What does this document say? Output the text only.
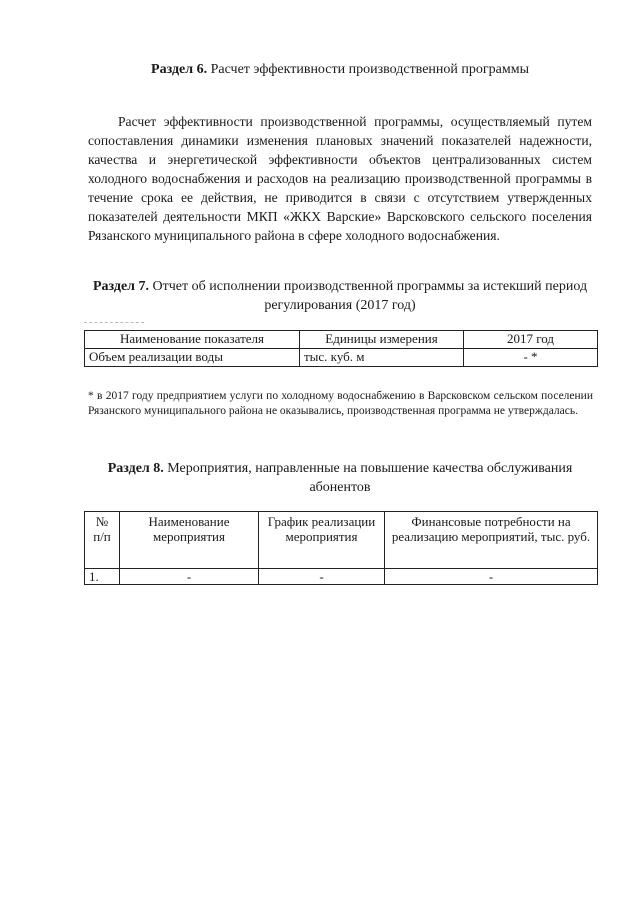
Раздел 6. Расчет эффективности производственной программы

Расчет эффективности производственной программы, осуществляемый путем сопоставления динамики изменения плановых значений показателей надежности, качества и энергетической эффективности объектов централизованных систем холодного водоснабжения и расходов на реализацию производственной программы в течение срока ее действия, не приводится в связи с отсутствием утвержденных показателей деятельности МКП «ЖКХ Варские» Варсковского сельского поселения Рязанского муниципального района в сфере холодного водоснабжения.

Раздел 7. Отчет об исполнении производственной программы за истекший период регулирования (2017 год)
Наименование показателя	Единицы измерения	2017 год
Объем реализации воды	тыс. куб. м	- *

* в 2017 году предприятием услуги по холодному водоснабжению в Варсковском сельском поселении Рязанского муниципального района не оказывались, производственная программа не утверждалась.

Раздел 8. Мероприятия, направленные на повышение качества обслуживания абонентов
№ п/п	Наименование мероприятия	График реализации мероприятия	Финансовые потребности на реализацию мероприятий, тыс. руб.
1.	-	-	-
